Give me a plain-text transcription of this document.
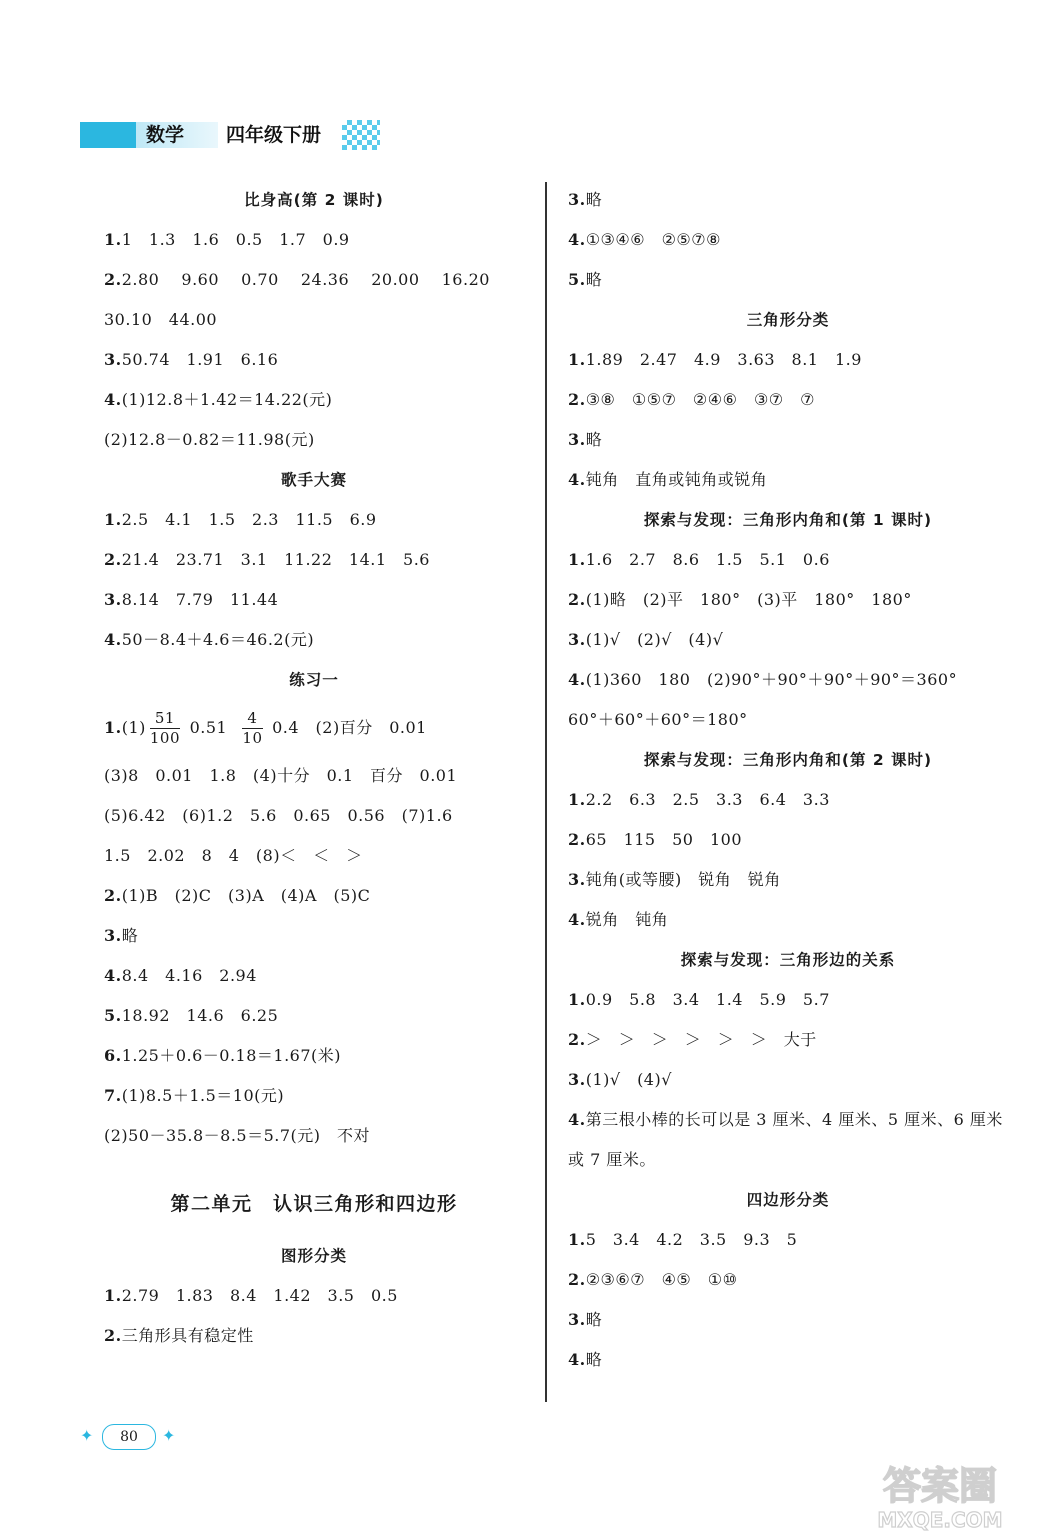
数学 四年级下册
比身高(第 2 课时)
1.1　1.3　1.6　0.5　1.7　0.9
2.2.80　 9.60　 0.70　 24.36　 20.00　 16.20
30.10　44.00
3.50.74　1.91　6.16
4.(1)12.8＋1.42＝14.22(元)
(2)12.8－0.82＝11.98(元)
歌手大赛
1.2.5　4.1　1.5　2.3　11.5　6.9
2.21.4　23.71　3.1　11.22　14.1　5.6
3.8.14　7.79　11.44
4.50－8.4＋4.6＝46.2(元)
练习一
$1.(1) \frac{51}{100} 0.51 \frac{4}{10} 0.4$　(2)百分　0.01
(3)8　0.01　1.8　(4)十分　0.1　百分　0.01
(5)6.42　(6)1.2　5.6　0.65　0.56　(7)1.6
1.5　2.02　8　4　(8)＜　＜　＞
2.(1)B　(2)C　(3)A　(4)A　(5)C
3.略
4.8.4　4.16　2.94
5.18.92　14.6　6.25
6.1.25＋0.6－0.18＝1.67(米)
7.(1)8.5＋1.5＝10(元)
(2)50－35.8－8.5＝5.7(元)　不对
第二单元　认识三角形和四边形
图形分类
1.2.79　1.83　8.4　1.42　3.5　0.5
2.三角形具有稳定性
3.略
4.①③④⑥　②⑤⑦⑧
5.略
三角形分类
1.1.89　2.47　4.9　3.63　8.1　1.9
2.③⑧　①⑤⑦　②④⑥　③⑦　⑦
3.略
4.钝角　直角或钝角或锐角
探索与发现：三角形内角和(第 1 课时)
1.1.6　2.7　8.6　1.5　5.1　0.6
2.(1)略　(2)平　180°　(3)平　180°　180°
3.(1)√　(2)√　(4)√
4.(1)360　180　(2)90°＋90°＋90°＋90°＝360°
60°＋60°＋60°＝180°
探索与发现：三角形内角和(第 2 课时)
1.2.2　6.3　2.5　3.3　6.4　3.3
2.65　115　50　100
3.钝角(或等腰)　锐角　锐角
4.锐角　钝角
探索与发现：三角形边的关系
1.0.9　5.8　3.4　1.4　5.9　5.7
2.＞　＞　＞　＞　＞　＞　大于
3.(1)√　(4)√
4.第三根小棒的长可以是 3 厘米、4 厘米、5 厘米、6 厘米或 7 厘米。
四边形分类
1.5　3.4　4.2　3.5　9.3　5
2.②③⑥⑦　④⑤　①⑩
3.略
4.略
✦	80	✦
答案圈
MXQE.COM
